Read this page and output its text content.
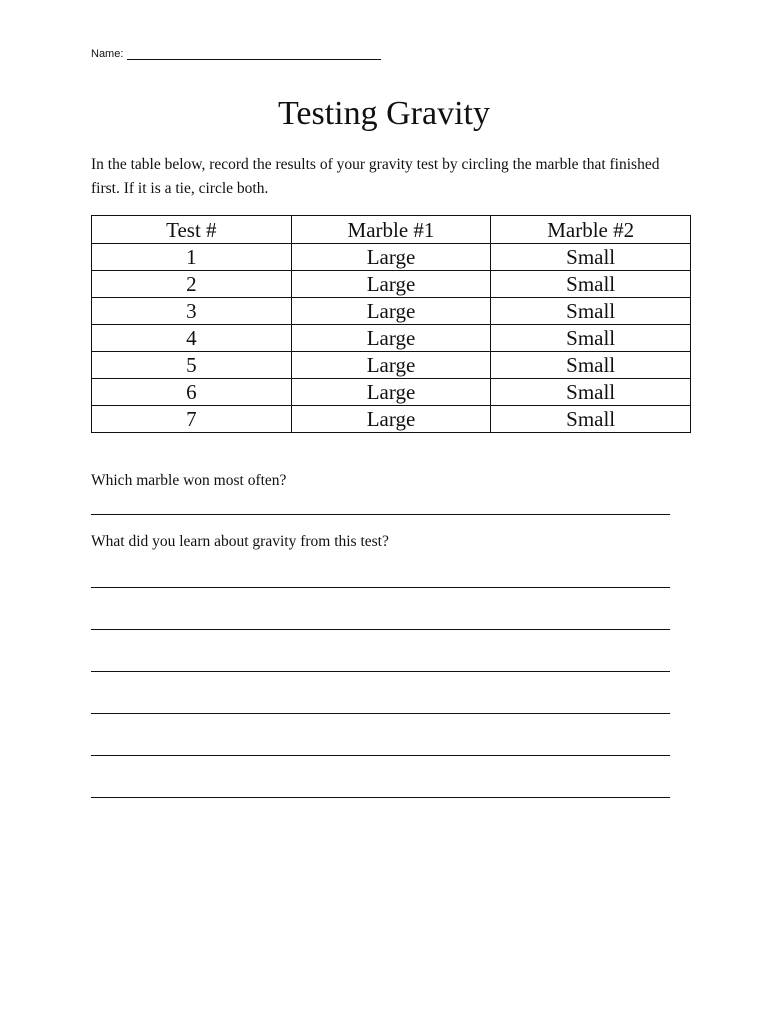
Name:
Testing Gravity
In the table below, record the results of your gravity test by circling the marble that finished first. If it is a tie, circle both.
Test #	Marble #1	Marble #2
1	Large	Small
2	Large	Small
3	Large	Small
4	Large	Small
5	Large	Small
6	Large	Small
7	Large	Small
Which marble won most often?
What did you learn about gravity from this test?
